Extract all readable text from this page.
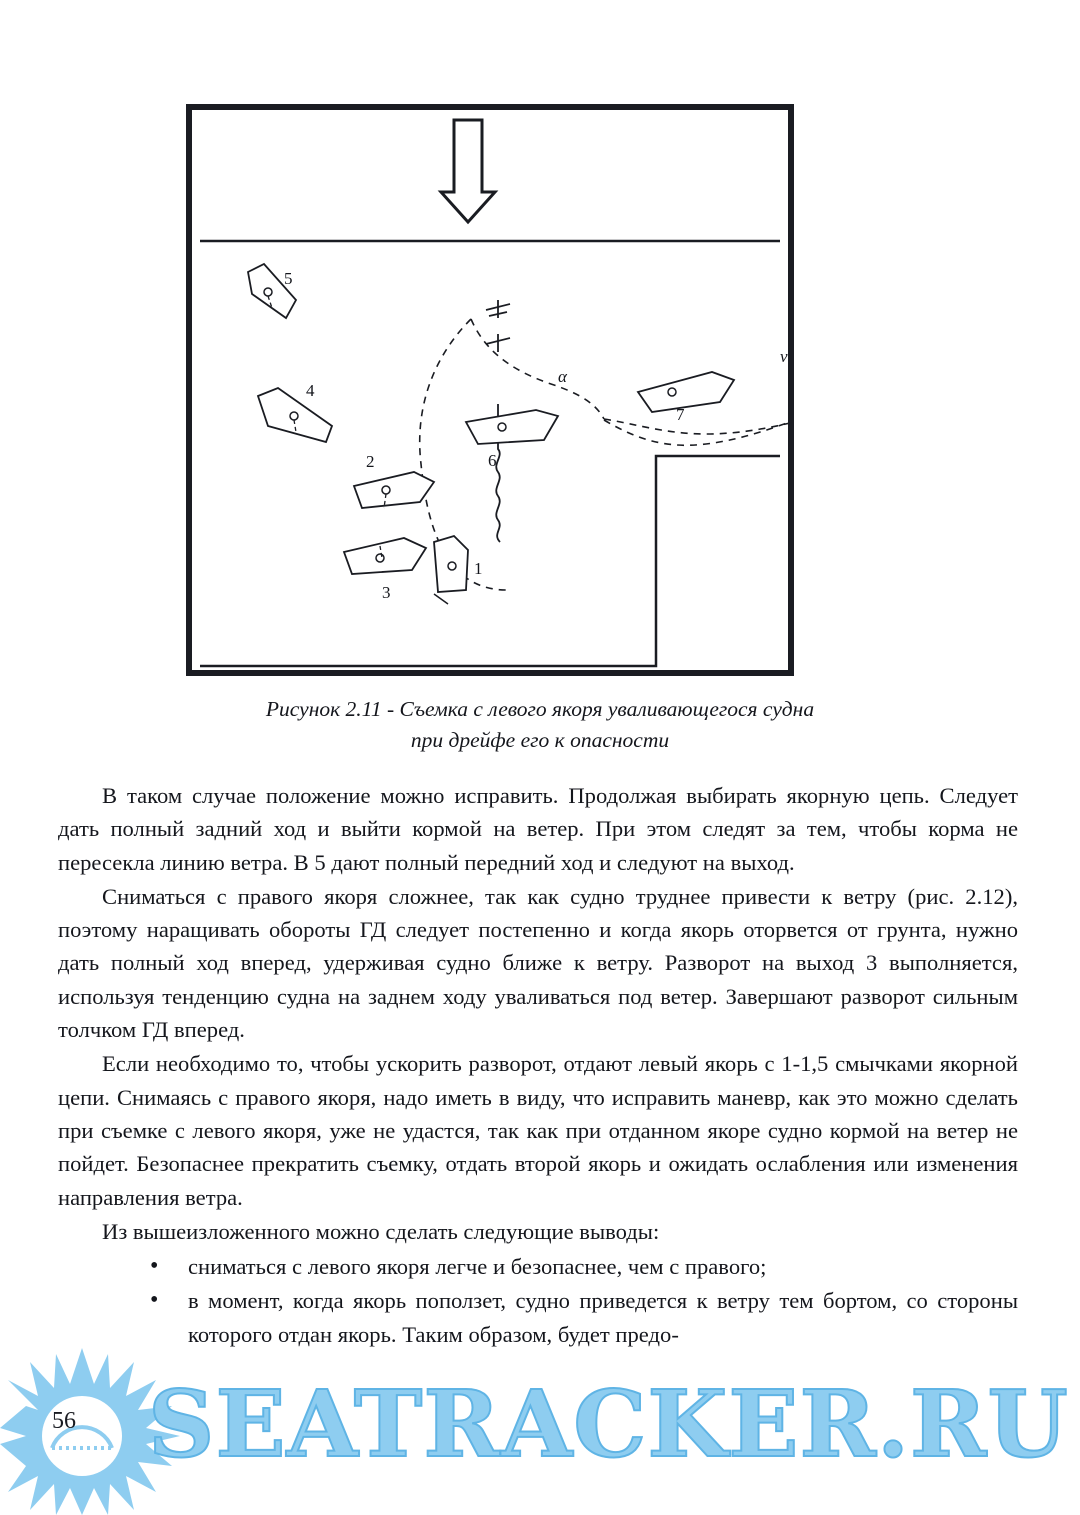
5
4
2
3
1
6
7
α
v
Рисунок 2.11 - Съемка с левого якоря уваливающегося судна
при дрейфе его к опасности

В таком случае положение можно исправить. Продолжая выбирать якорную цепь. Следует дать полный задний ход и выйти кормой на ветер. При этом следят за тем, чтобы корма не пересекла линию ветра. В 5 дают полный передний ход и следуют на выход.

Сниматься с правого якоря сложнее, так как судно труднее привести к ветру (рис. 2.12), поэтому наращивать обороты ГД следует постепенно и когда якорь оторвется от грунта, нужно дать полный ход вперед, удерживая судно ближе к ветру. Разворот на выход 3 выполняется, используя тенденцию судна на заднем ходу уваливаться под ветер. Завершают разворот сильным толчком ГД вперед.

Если необходимо то, чтобы ускорить разворот, отдают левый якорь с 1-1,5 смычками якорной цепи. Снимаясь с правого якоря, надо иметь в виду, что исправить маневр, как это можно сделать при съемке с левого якоря, уже не удастся, так как при отданном якоре судно кормой на ветер не пойдет. Безопаснее прекратить съемку, отдать второй якорь и ожидать ослабления или изменения направления ветра.

Из вышеизложенного можно сделать следующие выводы:

• сниматься с левого якоря легче и безопаснее, чем с правого;
• в момент, когда якорь поползет, судно приведется к ветру тем бортом, со стороны которого отдан якорь. Таким образом, будет предо-
SEATRACKER.RU
56
